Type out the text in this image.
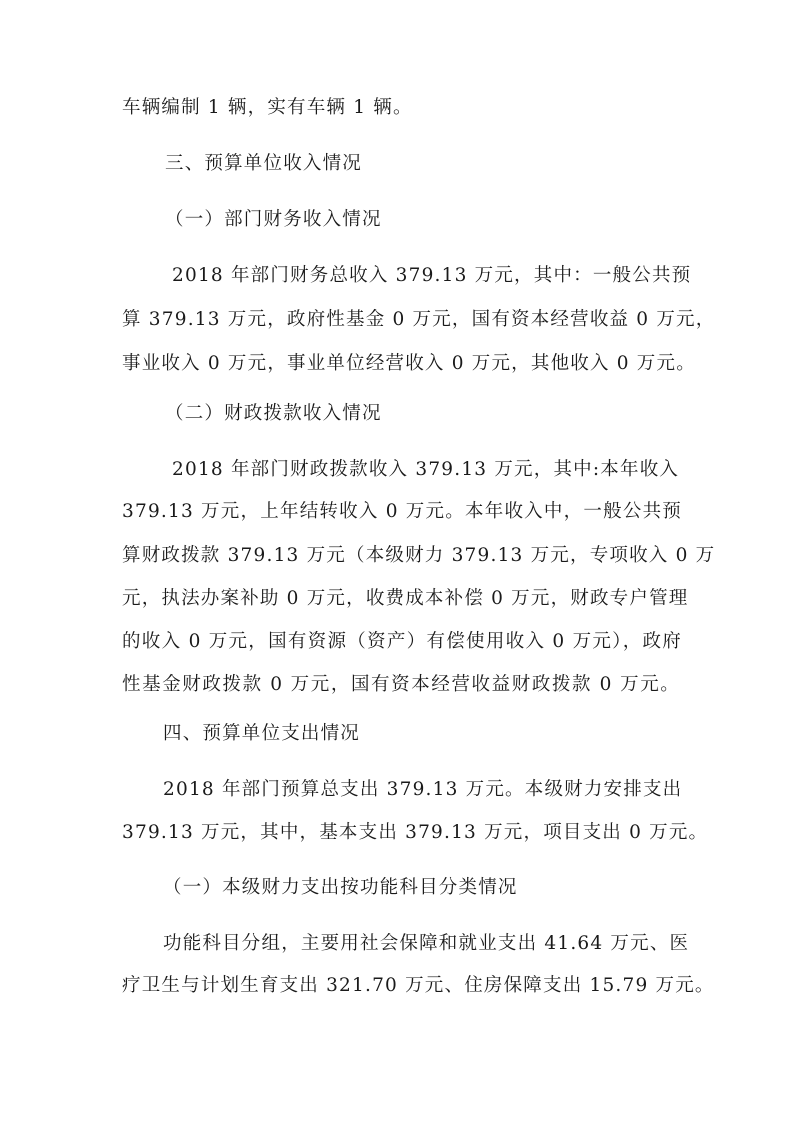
车辆编制 1 辆，实有车辆 1 辆。
三、预算单位收入情况
（一）部门财务收入情况
2018 年部门财务总收入 379.13 万元，其中：一般公共预
算 379.13 万元，政府性基金 0 万元，国有资本经营收益 0 万元，
事业收入 0 万元，事业单位经营收入 0 万元，其他收入 0 万元。
（二）财政拨款收入情况
2018 年部门财政拨款收入 379.13 万元，其中:本年收入
379.13 万元，上年结转收入 0 万元。本年收入中，一般公共预
算财政拨款 379.13 万元（本级财力 379.13 万元，专项收入 0 万
元，执法办案补助 0 万元，收费成本补偿 0 万元，财政专户管理
的收入 0 万元，国有资源（资产）有偿使用收入 0 万元），政府
性基金财政拨款 0 万元，国有资本经营收益财政拨款 0 万元。
四、预算单位支出情况
2018 年部门预算总支出 379.13 万元。本级财力安排支出
379.13 万元，其中，基本支出 379.13 万元，项目支出 0 万元。
（一）本级财力支出按功能科目分类情况
功能科目分组，主要用社会保障和就业支出 41.64 万元、医
疗卫生与计划生育支出 321.70 万元、住房保障支出 15.79 万元。
